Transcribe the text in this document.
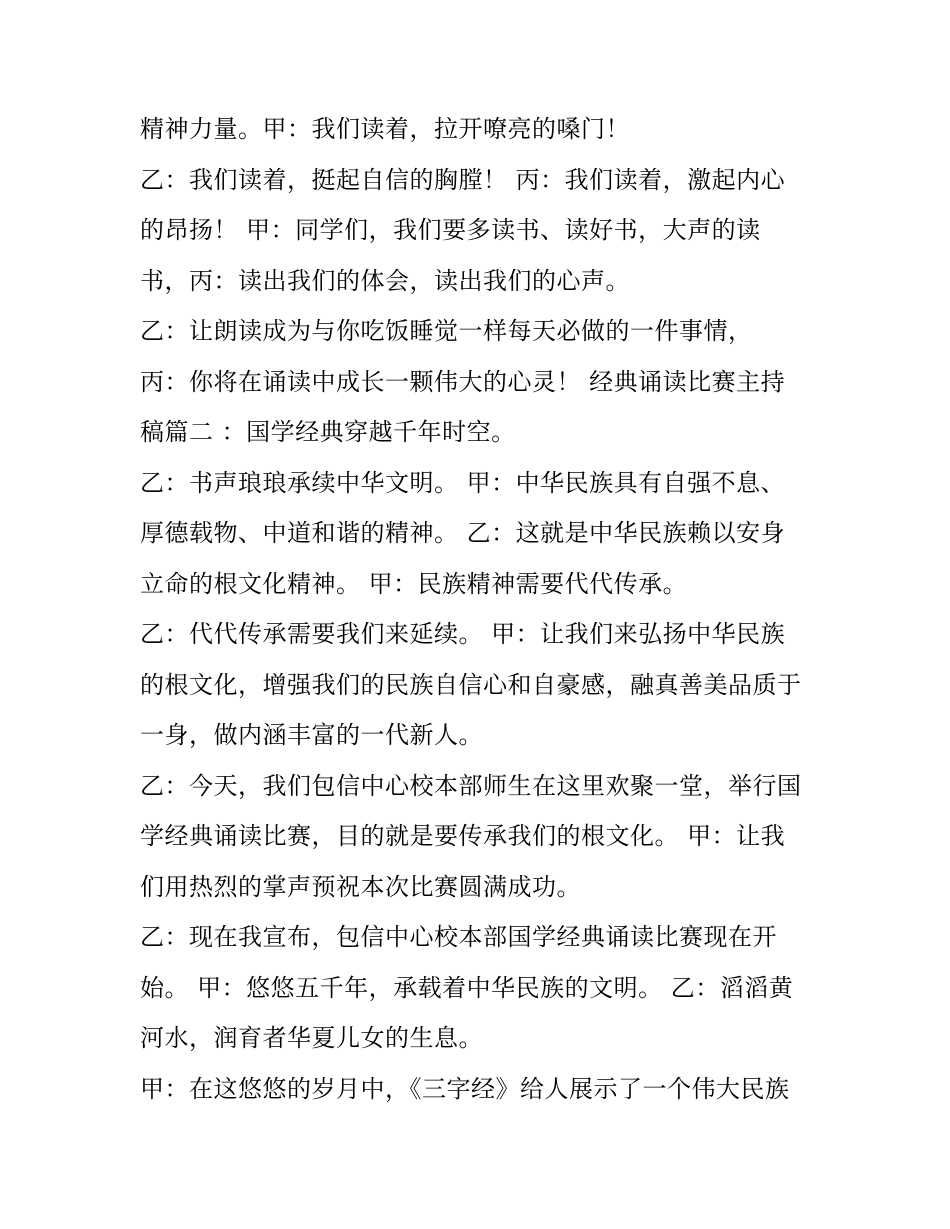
精神力量。甲：我们读着，拉开嘹亮的嗓门！
乙：我们读着，挺起自信的胸膛！ 丙：我们读着，激起内心
的昂扬！ 甲：同学们，我们要多读书、读好书，大声的读
书，丙：读出我们的体会，读出我们的心声。
乙：让朗读成为与你吃饭睡觉一样每天必做的一件事情，
丙：你将在诵读中成长一颗伟大的心灵！ 经典诵读比赛主持
稿篇二 ：国学经典穿越千年时空。
乙：书声琅琅承续中华文明。 甲：中华民族具有自强不息、
厚德载物、中道和谐的精神。 乙：这就是中华民族赖以安身
立命的根文化精神。 甲：民族精神需要代代传承。
乙：代代传承需要我们来延续。 甲：让我们来弘扬中华民族
的根文化，增强我们的民族自信心和自豪感，融真善美品质于
一身，做内涵丰富的一代新人。
乙：今天，我们包信中心校本部师生在这里欢聚一堂，举行国
学经典诵读比赛，目的就是要传承我们的根文化。 甲：让我
们用热烈的掌声预祝本次比赛圆满成功。
乙：现在我宣布，包信中心校本部国学经典诵读比赛现在开
始。 甲：悠悠五千年，承载着中华民族的文明。 乙：滔滔黄
河水，润育者华夏儿女的生息。
甲：在这悠悠的岁月中，《三字经》给人展示了一个伟大民族
